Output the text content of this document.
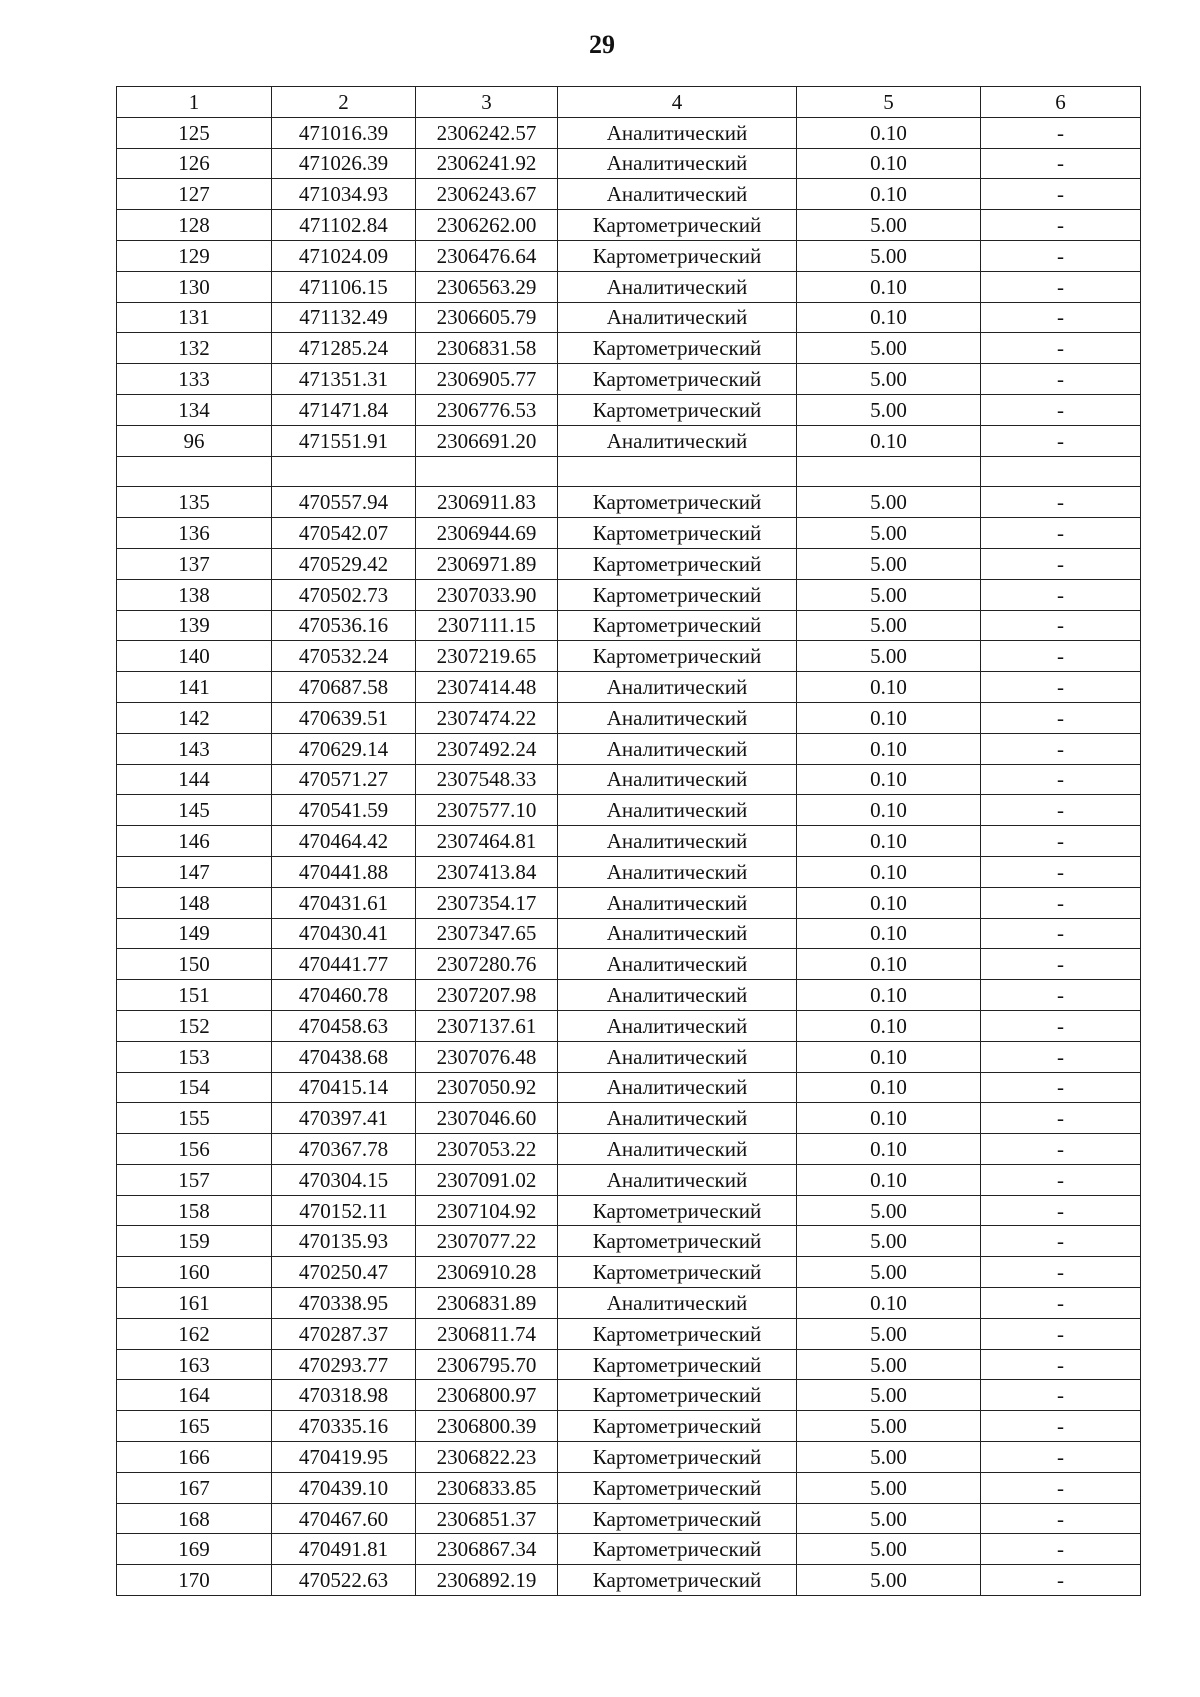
29
1	2	3	4	5	6
125	471016.39	2306242.57	Аналитический	0.10	-
126	471026.39	2306241.92	Аналитический	0.10	-
127	471034.93	2306243.67	Аналитический	0.10	-
128	471102.84	2306262.00	Картометрический	5.00	-
129	471024.09	2306476.64	Картометрический	5.00	-
130	471106.15	2306563.29	Аналитический	0.10	-
131	471132.49	2306605.79	Аналитический	0.10	-
132	471285.24	2306831.58	Картометрический	5.00	-
133	471351.31	2306905.77	Картометрический	5.00	-
134	471471.84	2306776.53	Картометрический	5.00	-
96	471551.91	2306691.20	Аналитический	0.10	-

135	470557.94	2306911.83	Картометрический	5.00	-
136	470542.07	2306944.69	Картометрический	5.00	-
137	470529.42	2306971.89	Картометрический	5.00	-
138	470502.73	2307033.90	Картометрический	5.00	-
139	470536.16	2307111.15	Картометрический	5.00	-
140	470532.24	2307219.65	Картометрический	5.00	-
141	470687.58	2307414.48	Аналитический	0.10	-
142	470639.51	2307474.22	Аналитический	0.10	-
143	470629.14	2307492.24	Аналитический	0.10	-
144	470571.27	2307548.33	Аналитический	0.10	-
145	470541.59	2307577.10	Аналитический	0.10	-
146	470464.42	2307464.81	Аналитический	0.10	-
147	470441.88	2307413.84	Аналитический	0.10	-
148	470431.61	2307354.17	Аналитический	0.10	-
149	470430.41	2307347.65	Аналитический	0.10	-
150	470441.77	2307280.76	Аналитический	0.10	-
151	470460.78	2307207.98	Аналитический	0.10	-
152	470458.63	2307137.61	Аналитический	0.10	-
153	470438.68	2307076.48	Аналитический	0.10	-
154	470415.14	2307050.92	Аналитический	0.10	-
155	470397.41	2307046.60	Аналитический	0.10	-
156	470367.78	2307053.22	Аналитический	0.10	-
157	470304.15	2307091.02	Аналитический	0.10	-
158	470152.11	2307104.92	Картометрический	5.00	-
159	470135.93	2307077.22	Картометрический	5.00	-
160	470250.47	2306910.28	Картометрический	5.00	-
161	470338.95	2306831.89	Аналитический	0.10	-
162	470287.37	2306811.74	Картометрический	5.00	-
163	470293.77	2306795.70	Картометрический	5.00	-
164	470318.98	2306800.97	Картометрический	5.00	-
165	470335.16	2306800.39	Картометрический	5.00	-
166	470419.95	2306822.23	Картометрический	5.00	-
167	470439.10	2306833.85	Картометрический	5.00	-
168	470467.60	2306851.37	Картометрический	5.00	-
169	470491.81	2306867.34	Картометрический	5.00	-
170	470522.63	2306892.19	Картометрический	5.00	-
